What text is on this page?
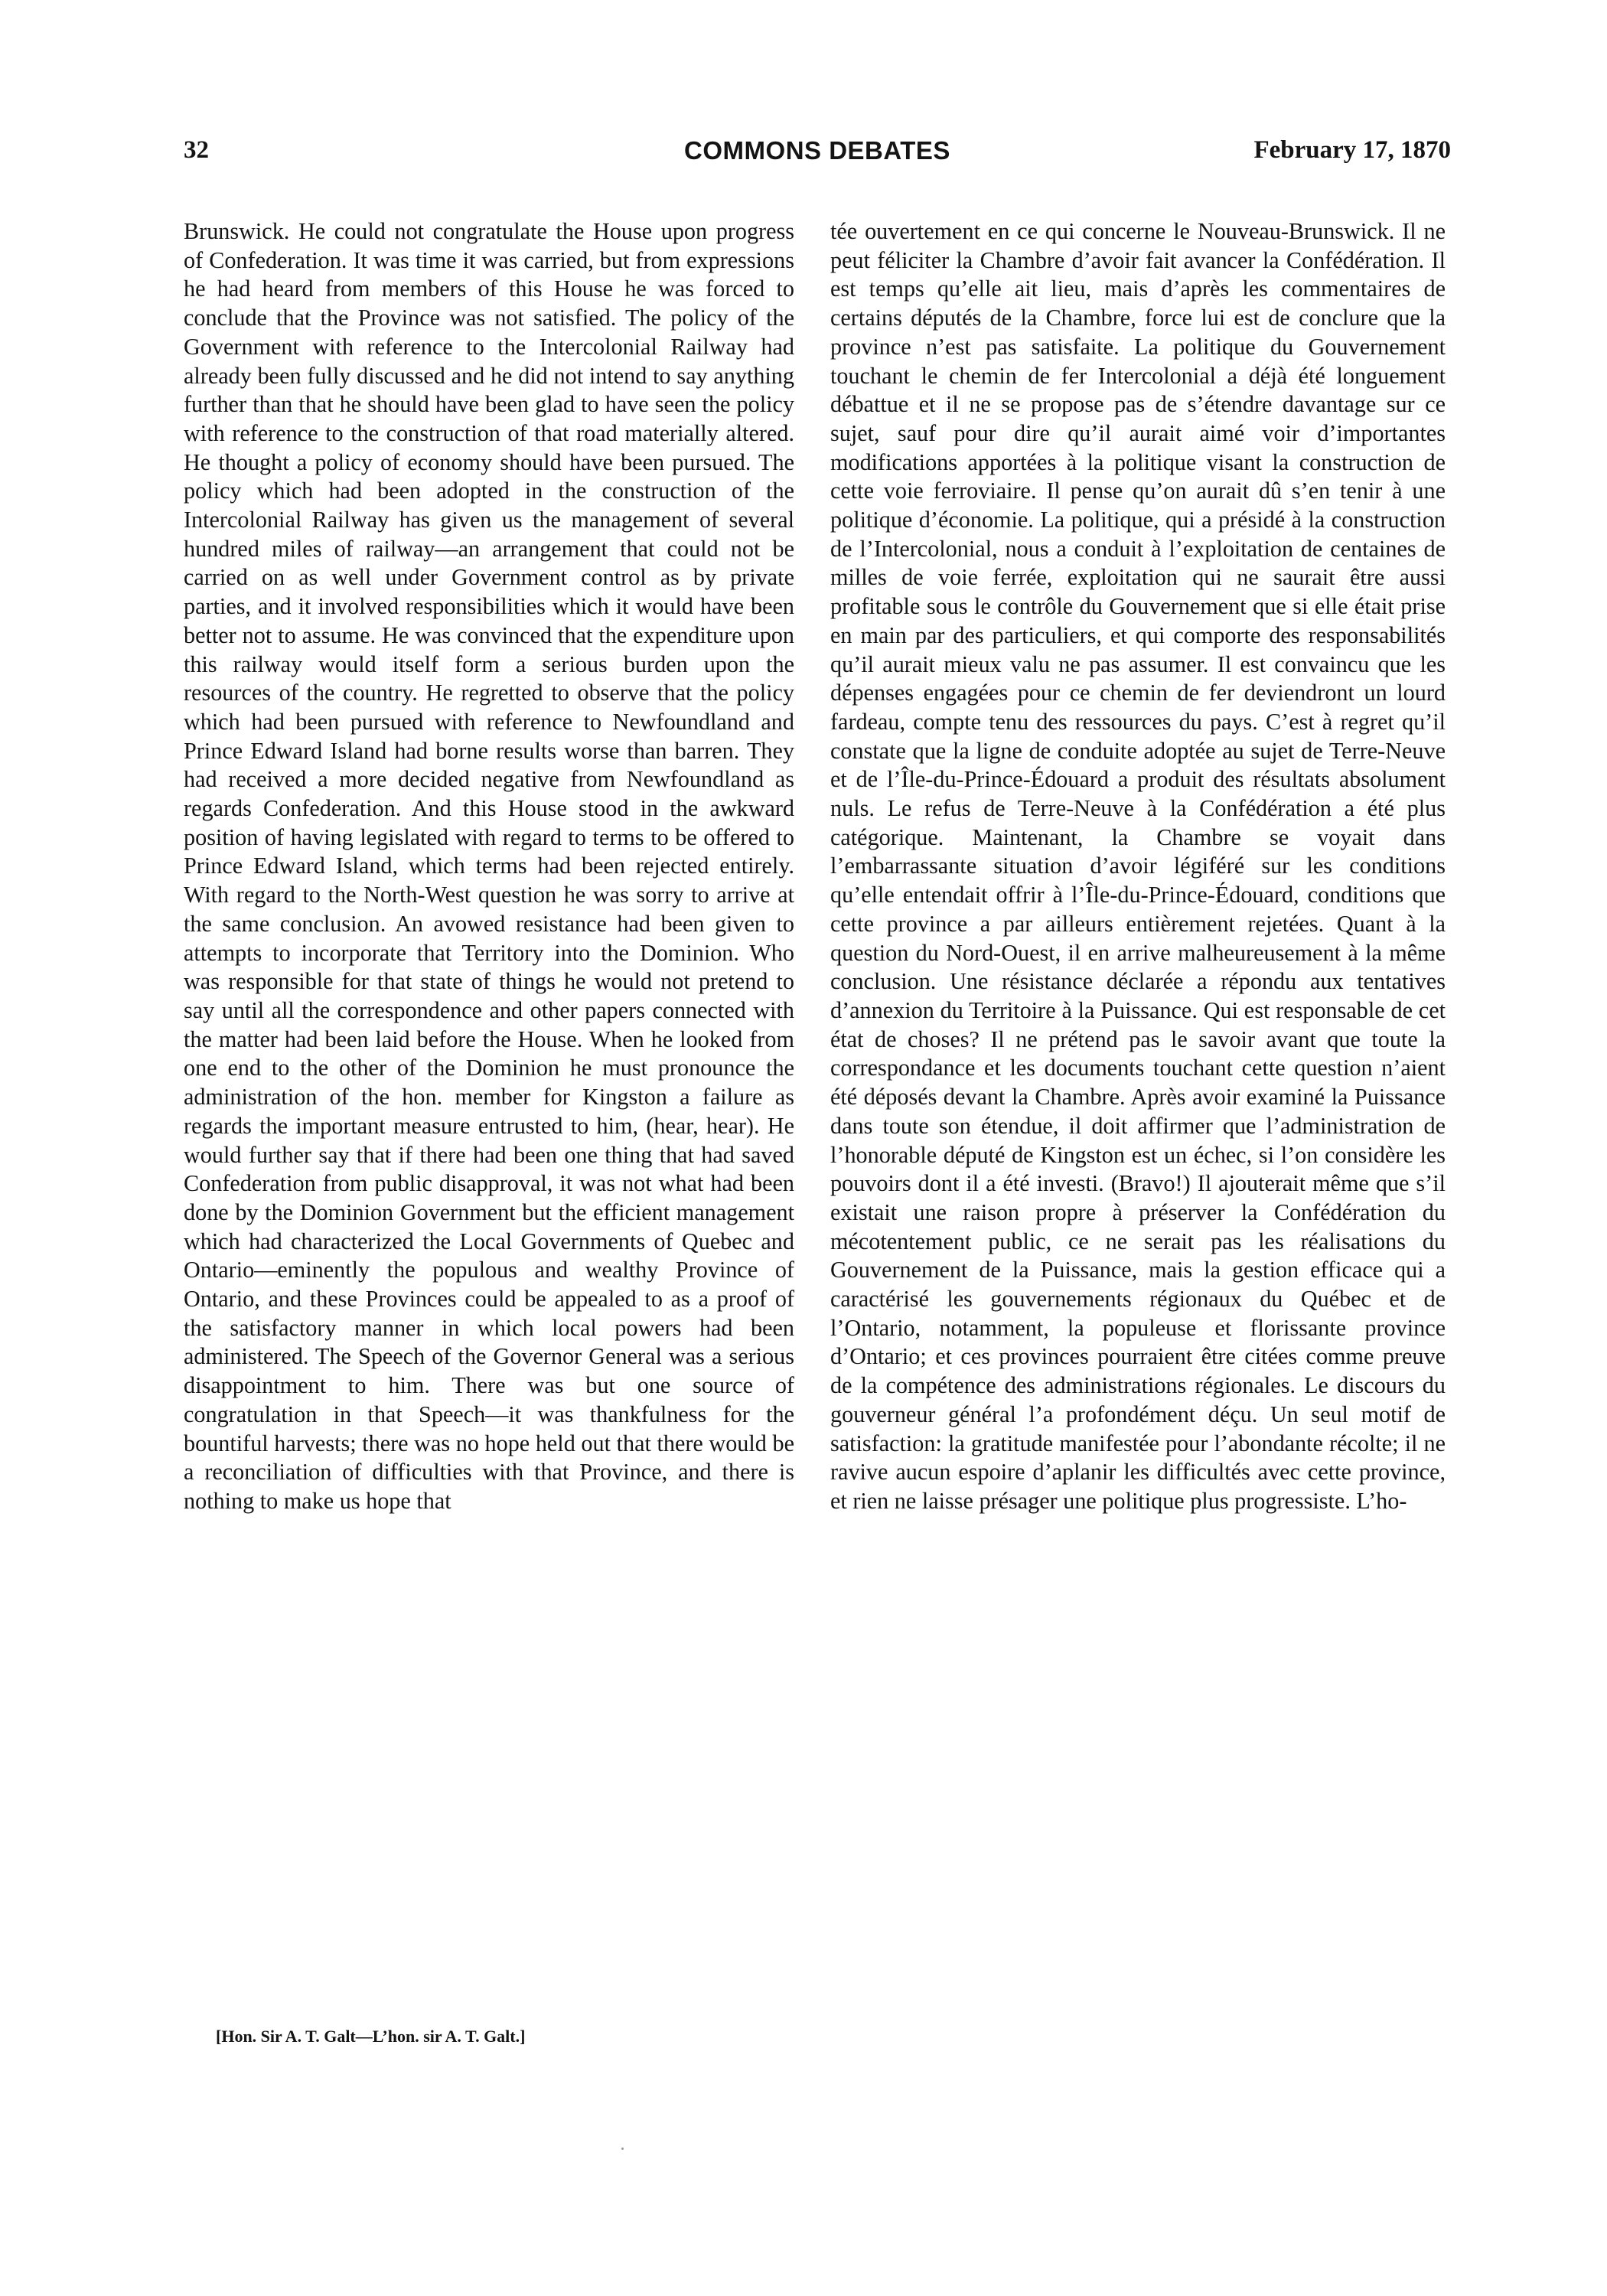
32	COMMONS DEBATES	February 17, 1870

Brunswick. He could not congratulate the House upon progress of Confederation. It was time it was carried, but from expressions he had heard from members of this House he was forced to conclude that the Province was not satisfied. The policy of the Government with reference to the Intercolonial Railway had already been fully discussed and he did not intend to say anything further than that he should have been glad to have seen the policy with reference to the construction of that road materially altered. He thought a policy of economy should have been pursued. The policy which had been adopted in the construction of the Intercolonial Railway has given us the management of several hundred miles of railway—an arrangement that could not be carried on as well under Government control as by private parties, and it involved responsibilities which it would have been better not to assume. He was convinced that the expenditure upon this railway would itself form a serious burden upon the resources of the country. He regretted to observe that the policy which had been pursued with reference to Newfoundland and Prince Edward Island had borne results worse than barren. They had received a more decided negative from Newfoundland as regards Confederation. And this House stood in the awkward position of having legislated with regard to terms to be offered to Prince Edward Island, which terms had been rejected entirely. With regard to the North-West question he was sorry to arrive at the same conclusion. An avowed resistance had been given to attempts to incorporate that Territory into the Dominion. Who was responsible for that state of things he would not pretend to say until all the correspondence and other papers connected with the matter had been laid before the House. When he looked from one end to the other of the Dominion he must pronounce the administration of the hon. member for Kingston a failure as regards the important measure entrusted to him, (hear, hear). He would further say that if there had been one thing that had saved Confederation from public disapproval, it was not what had been done by the Dominion Government but the efficient management which had characterized the Local Governments of Quebec and Ontario—eminently the populous and wealthy Province of Ontario, and these Provinces could be appealed to as a proof of the satisfactory manner in which local powers had been administered. The Speech of the Governor General was a serious disappointment to him. There was but one source of congratulation in that Speech—it was thankfulness for the bountiful harvests; there was no hope held out that there would be a reconciliation of difficulties with that Province, and there is nothing to make us hope that

tée ouvertement en ce qui concerne le Nouveau-Brunswick. Il ne peut féliciter la Chambre d’avoir fait avancer la Confédération. Il est temps qu’elle ait lieu, mais d’après les commentaires de certains députés de la Chambre, force lui est de conclure que la province n’est pas satisfaite. La politique du Gouvernement touchant le chemin de fer Intercolonial a déjà été longuement débattue et il ne se propose pas de s’étendre davantage sur ce sujet, sauf pour dire qu’il aurait aimé voir d’importantes modifications apportées à la politique visant la construction de cette voie ferroviaire. Il pense qu’on aurait dû s’en tenir à une politique d’économie. La politique, qui a présidé à la construction de l’Intercolonial, nous a conduit à l’exploitation de centaines de milles de voie ferrée, exploitation qui ne saurait être aussi profitable sous le contrôle du Gouvernement que si elle était prise en main par des particuliers, et qui comporte des responsabilités qu’il aurait mieux valu ne pas assumer. Il est convaincu que les dépenses engagées pour ce chemin de fer deviendront un lourd fardeau, compte tenu des ressources du pays. C’est à regret qu’il constate que la ligne de conduite adoptée au sujet de Terre-Neuve et de l’Île-du-Prince-Édouard a produit des résultats absolument nuls. Le refus de Terre-Neuve à la Confédération a été plus catégorique. Maintenant, la Chambre se voyait dans l’embarrassante situation d’avoir légiféré sur les conditions qu’elle entendait offrir à l’Île-du-Prince-Édouard, conditions que cette province a par ailleurs entièrement rejetées. Quant à la question du Nord-Ouest, il en arrive malheureusement à la même conclusion. Une résistance déclarée a répondu aux tentatives d’annexion du Territoire à la Puissance. Qui est responsable de cet état de choses? Il ne prétend pas le savoir avant que toute la correspondance et les documents touchant cette question n’aient été déposés devant la Chambre. Après avoir examiné la Puissance dans toute son étendue, il doit affirmer que l’administration de l’honorable député de Kingston est un échec, si l’on considère les pouvoirs dont il a été investi. (Bravo!) Il ajouterait même que s’il existait une raison propre à préserver la Confédération du mécotentement public, ce ne serait pas les réalisations du Gouvernement de la Puissance, mais la gestion efficace qui a caractérisé les gouvernements régionaux du Québec et de l’Ontario, notamment, la populeuse et florissante province d’Ontario; et ces provinces pourraient être citées comme preuve de la compétence des administrations régionales. Le discours du gouverneur général l’a profondément déçu. Un seul motif de satisfaction: la gratitude manifestée pour l’abondante récolte; il ne ravive aucun espoire d’aplanir les difficultés avec cette province, et rien ne laisse présager une politique plus progressiste. L’ho-

[Hon. Sir A. T. Galt—L’hon. sir A. T. Galt.]
